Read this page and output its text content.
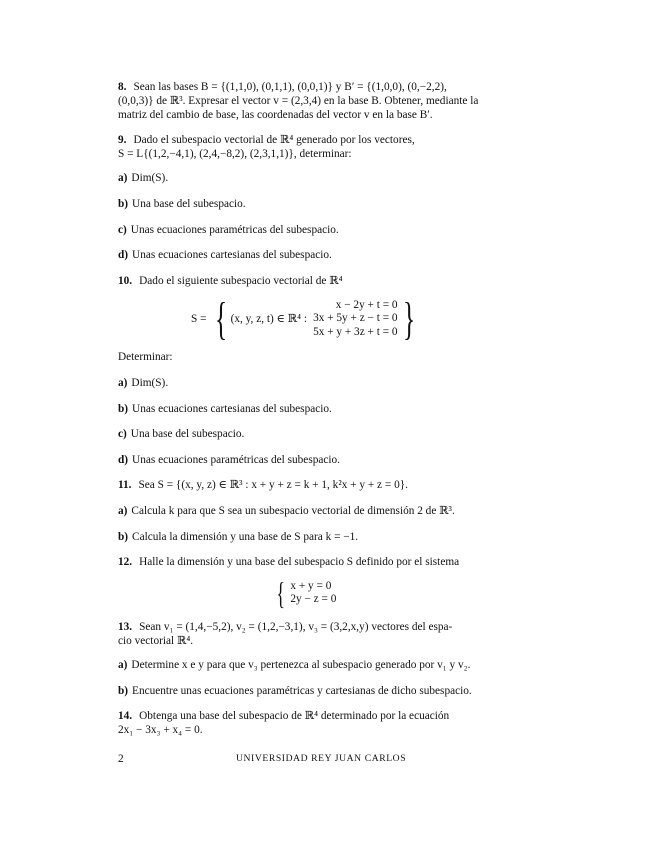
8. Sean las bases B = {(1,1,0), (0,1,1), (0,0,1)} y B′ = {(1,0,0), (0,−2,2),

(0,0,3)} de ℝ³. Expresar el vector v = (2,3,4) en la base B. Obtener, mediante la

matriz del cambio de base, las coordenadas del vector v en la base B′.

9. Dado el subespacio vectorial de ℝ⁴ generado por los vectores,

S = L{(1,2,−4,1), (2,4,−8,2), (2,3,1,1)}, determinar:

a) Dim(S).
b) Una base del subespacio.
c) Unas ecuaciones paramétricas del subespacio.
d) Unas ecuaciones cartesianas del subespacio.

10. Dado el siguiente subespacio vectorial de ℝ⁴

S = { (x, y, z, t) ∈ ℝ⁴ :
x − 2y + t = 0
3x + 5y + z − t = 0
5x + y + 3z + t = 0 }
Determinar:
a) Dim(S).
b) Unas ecuaciones cartesianas del subespacio.
c) Una base del subespacio.
d) Unas ecuaciones paramétricas del subespacio.

11. Sea S = {(x, y, z) ∈ ℝ³ : x + y + z = k + 1, k²x + y + z = 0}.

a) Calcula k para que S sea un subespacio vectorial de dimensión 2 de ℝ³.
b) Calcula la dimensión y una base de S para k = −1.

12. Halle la dimensión y una base del subespacio S definido por el sistema

{ x + y = 0
2y − z = 0

13. Sean v₁ = (1,4,−5,2), v₂ = (1,2,−3,1), v₃ = (3,2,x,y) vectores del espa-

cio vectorial ℝ⁴.

a) Determine x e y para que v₃ pertenezca al subespacio generado por v₁ y v₂.
b) Encuentre unas ecuaciones paramétricas y cartesianas de dicho subespacio.

14. Obtenga una base del subespacio de ℝ⁴ determinado por la ecuación

2x₁ − 3x₃ + x₄ = 0.

2	UNIVERSIDAD REY JUAN CARLOS
